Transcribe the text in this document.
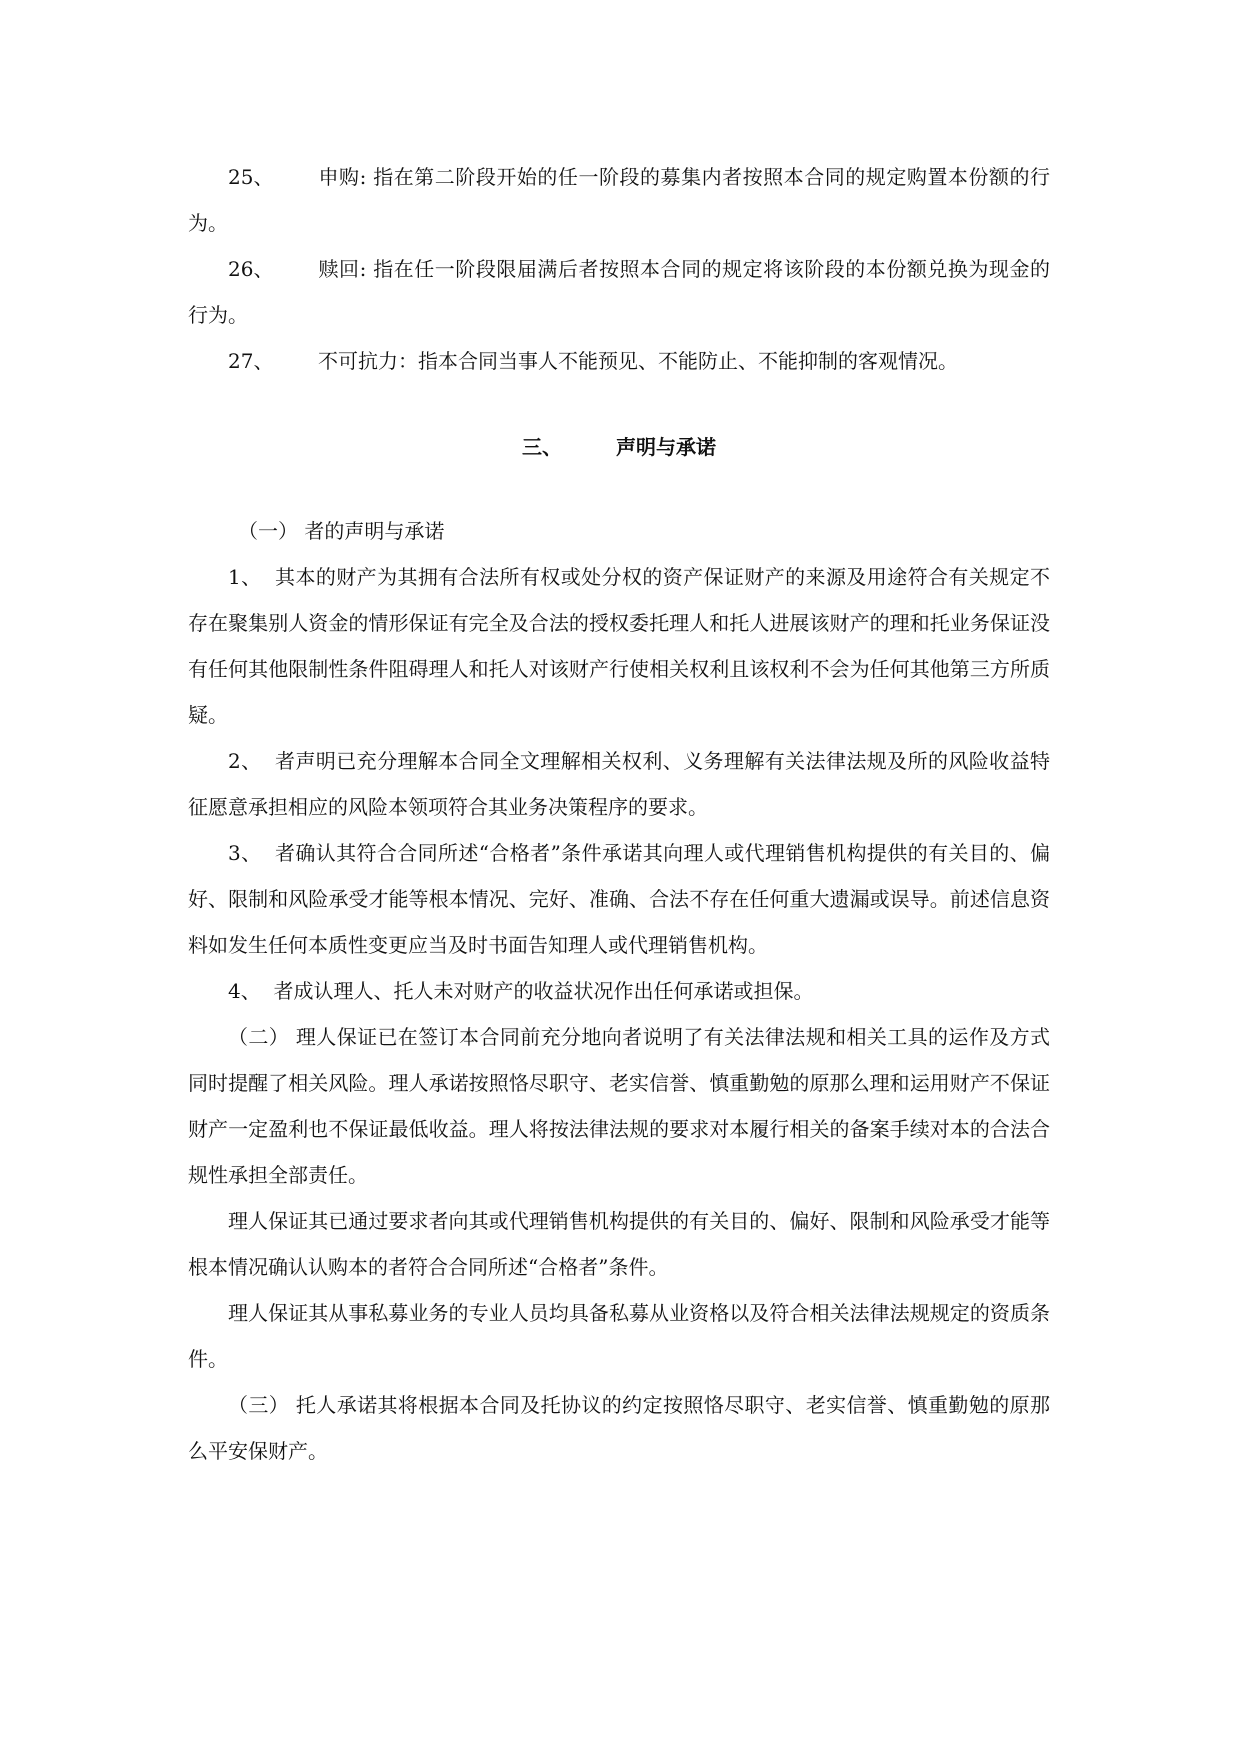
25、 申购: 指在第二阶段开始的任一阶段的募集内者按照本合同的规定购置本份额的行为。

26、 赎回: 指在任一阶段限届满后者按照本合同的规定将该阶段的本份额兑换为现金的行为。

27、 不可抗力：指本合同当事人不能预见、不能防止、不能抑制的客观情况。

三、	声明与承诺

（一） 者的声明与承诺

1、  其本的财产为其拥有合法所有权或处分权的资产保证财产的来源及用途符合有关规定不存在聚集别人资金的情形保证有完全及合法的授权委托理人和托人进展该财产的理和托业务保证没有任何其他限制性条件阻碍理人和托人对该财产行使相关权利且该权利不会为任何其他第三方所质疑。

2、  者声明已充分理解本合同全文理解相关权利、义务理解有关法律法规及所的风险收益特征愿意承担相应的风险本领项符合其业务决策程序的要求。

3、  者确认其符合合同所述“合格者”条件承诺其向理人或代理销售机构提供的有关目的、偏好、限制和风险承受才能等根本情况、完好、准确、合法不存在任何重大遗漏或误导。前述信息资料如发生任何本质性变更应当及时书面告知理人或代理销售机构。

4、  者成认理人、托人未对财产的收益状况作出任何承诺或担保。

（二） 理人保证已在签订本合同前充分地向者说明了有关法律法规和相关工具的运作及方式同时提醒了相关风险。理人承诺按照恪尽职守、老实信誉、慎重勤勉的原那么理和运用财产不保证财产一定盈利也不保证最低收益。理人将按法律法规的要求对本履行相关的备案手续对本的合法合规性承担全部责任。

理人保证其已通过要求者向其或代理销售机构提供的有关目的、偏好、限制和风险承受才能等根本情况确认认购本的者符合合同所述“合格者”条件。

理人保证其从事私募业务的专业人员均具备私募从业资格以及符合相关法律法规规定的资质条件。

（三） 托人承诺其将根据本合同及托协议的约定按照恪尽职守、老实信誉、慎重勤勉的原那么平安保财产。
